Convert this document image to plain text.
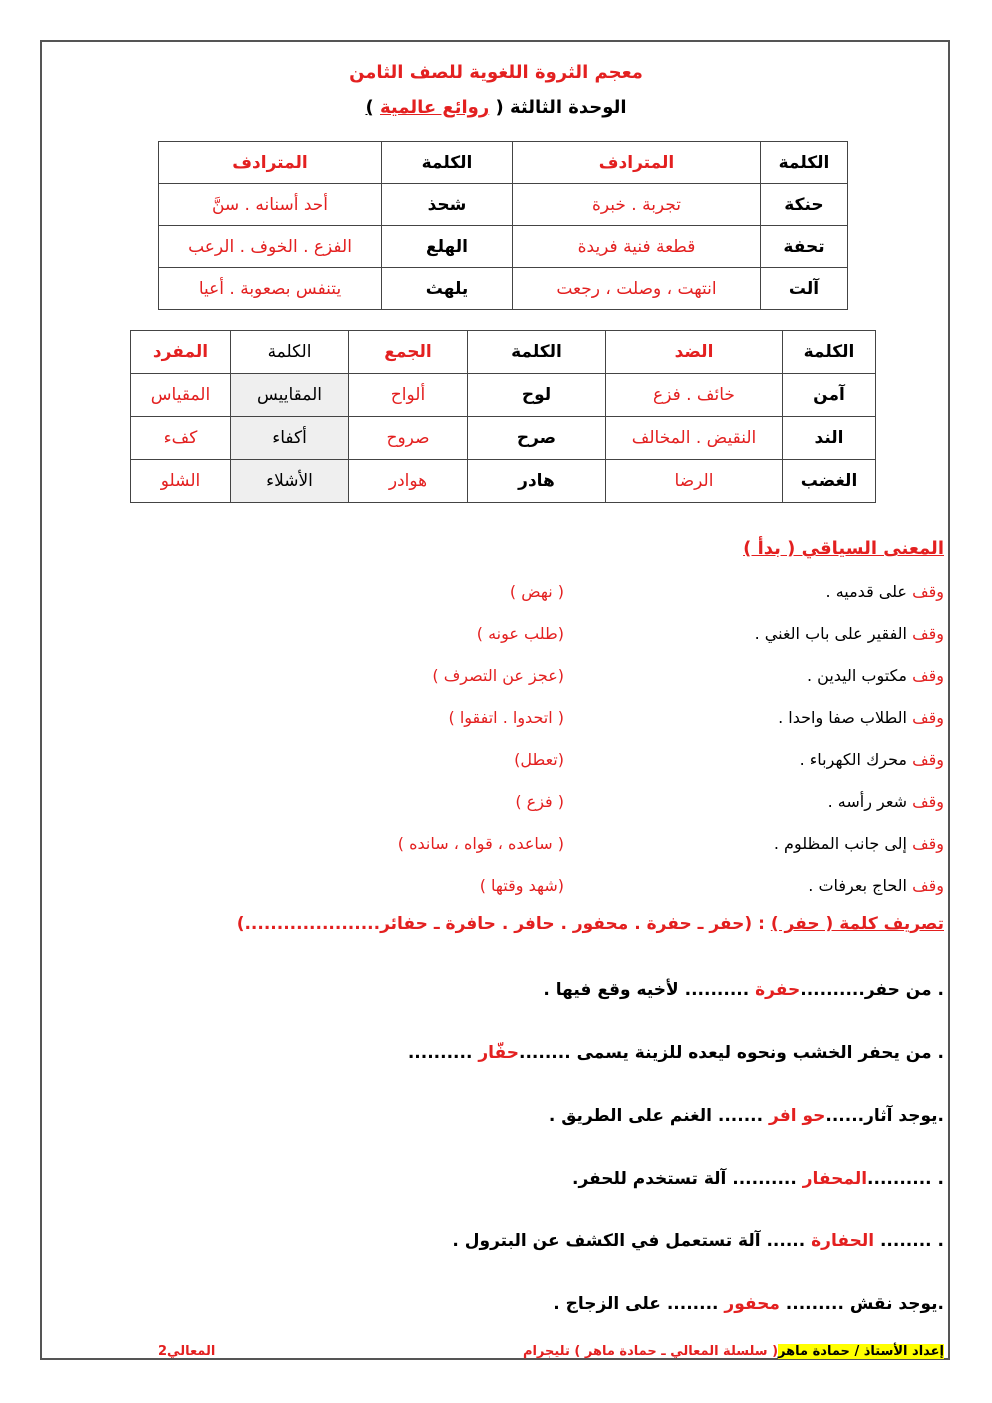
معجم الثروة اللغوية للصف الثامن
الوحدة الثالثة ( روائع عالمية )
الكلمة	المترادف	الكلمة	المترادف
حنكة	تجربة . خبرة	شحذ	أحد أسنانه . سنَّ
تحفة	قطعة فنية فريدة	الهلع	الفزع . الخوف . الرعب
آلت	انتهت ، وصلت ، رجعت	يلهث	يتنفس بصعوبة . أعيا
الكلمة	الضد	الكلمة	الجمع	الكلمة	المفرد
آمن	خائف . فزع	لوح	ألواح	المقاييس	المقياس
الند	النقيض . المخالف	صرح	صروح	أكفاء	كفء
الغضب	الرضا	هادر	هوادر	الأشلاء	الشلو
المعنى السياقي ( بدأ )
وقف على قدميه .
( نهض )
وقف الفقير على باب الغني .
(طلب عونه )
وقف مكتوب اليدين .
(عجز عن التصرف )
وقف الطلاب صفا واحدا .
( اتحدوا . اتفقوا )
وقف محرك الكهرباء .
(تعطل)
وقف شعر رأسه .
( فزع )
وقف إلى جانب المظلوم .
( ساعده ، قواه ، سانده )
وقف الحاج بعرفات .
(شهد وقتها )
تصريف كلمة ( حفر ) : (حفر ـ حفرة . محفور . حافر . حافرة ـ حفائر.....................)
. من حفر..........حفرة .......... لأخيه وقع فيها .
. من يحفر الخشب ونحوه ليعده للزينة يسمى ........حفّار ..........
.يوجد آثار......حو افر ....... الغنم على الطريق .
. ..........المحفار .......... آلة تستخدم للحفر.
. ........ الحفارة ...... آلة تستعمل في الكشف عن البترول .
.يوجد نقش ......... محفور ........ على الزجاج .
إعداد الأستاذ / حمادة ماهر( سلسلة المعالي ـ حمادة ماهر ) تليجرام
المعالي2
